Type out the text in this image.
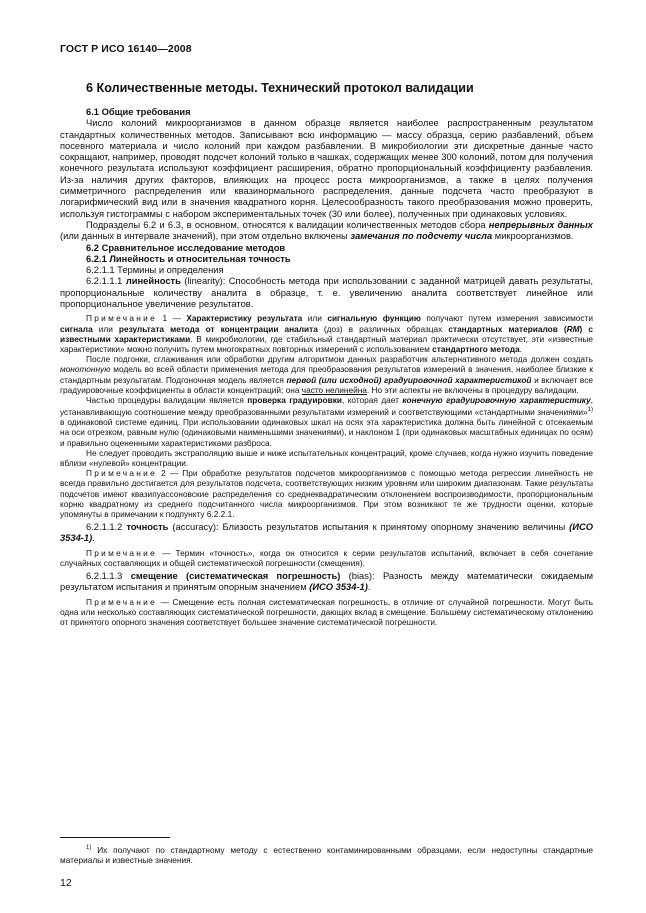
ГОСТ Р ИСО 16140—2008
6 Количественные методы. Технический протокол валидации

6.1 Общие требования

Число колоний микроорганизмов в данном образце является наиболее распространенным результатом стандартных количественных методов. Записывают всю информацию — массу образца, серию разбавлений, объем посевного материала и число колоний при каждом разбавлении. В микробиологии эти дискретные данные часто сокращают, например, проводят подсчет колоний только в чашках, содержащих менее 300 колоний, потом для получения конечного результата используют коэффициент расширения, обратно пропорциональный коэффициенту разбавления. Из-за наличия других факторов, влияющих на процесс роста микроорганизмов, а также в целях получения симметричного распределения или квазинормального распределения, данные подсчета часто преобразуют в логарифмический вид или в значения квадратного корня. Целесообразность такого преобразования можно проверить, используя гистограммы с набором экспериментальных точек (30 или более), полученных при одинаковых условиях.

Подразделы 6.2 и 6.3, в основном, относятся к валидации количественных методов сбора непрерывных данных (или данных в интервале значений), при этом отдельно включены замечания по подсчету числа микроорганизмов.

6.2 Сравнительное исследование методов

6.2.1 Линейность и относительная точность

6.2.1.1 Термины и определения

6.2.1.1.1 линейность (linearity): Способность метода при использовании с заданной матрицей давать результаты, пропорциональные количеству аналита в образце, т. е. увеличению аналита соответствует линейное или пропорциональное увеличение результатов.

Примечание 1 — Характеристику результата или сигнальную функцию получают путем измерения зависимости сигнала или результата метода от концентрации аналита (доз) в различных образцах стандартных материалов (RM) с известными характеристиками. В микробиологии, где стабильный стандартный материал практически отсутствует, эти «известные характеристики» можно получить путем многократных повторных измерений с использованием стандартного метода.

После подгонки, сглаживания или обработки другим алгоритмом данных разработчик альтернативного метода должен создать монотонную модель во всей области применения метода для преобразования результатов измерений в значения, наиболее близкие к стандартным результатам. Подгоночная модель является первой (или исходной) градуировочной характеристикой и включает все градуировочные коэффициенты в области концентраций; она часто нелинейна. Но эти аспекты не включены в процедуру валидации.

Частью процедуры валидации является проверка градуировки, которая дает конечную градуировочную характеристику, устанавливающую соотношение между преобразованными результатами измерений и соответствующими «стандартными значениями»$^{1)}$ в одинаковой системе единиц. При использовании одинаковых шкал на осях эта характеристика должна быть линейной с отсекаемым на оси отрезком, равным нулю (одинаковыми наименьшими значениями), и наклоном 1 (при одинаковых масштабных единицах по осям) и правильно оцененными характеристиками разброса.

Не следует проводить экстраполяцию выше и ниже испытательных концентраций, кроме случаев, когда нужно изучить поведение вблизи «нулевой» концентрации.

Примечание 2 — При обработке результатов подсчетов микроорганизмов с помощью метода регрессии линейность не всегда правильно достигается для результатов подсчета, соответствующих низким уровням или широким диапазонам. Такие результаты подсчетов имеют квазипуассоновские распределения со среднеквадратическим отклонением воспроизводимости, пропорциональным корню квадратному из среднего подсчитанного числа микроорганизмов. При этом возникают те же трудности оценки, которые упомянуты в примечании к подпункту 6.2.2.1.

6.2.1.1.2 точность (accuracy): Близость результатов испытания к принятому опорному значению величины (ИСО 3534-1).

Примечание — Термин «точность», когда он относится к серии результатов испытаний, включает в себя сочетание случайных составляющих и общей систематической погрешности (смещения).

6.2.1.1.3 смещение (систематическая погрешность) (bias): Разность между математически ожидаемым результатом испытания и принятым опорным значением (ИСО 3534-1).

Примечание — Смещение есть полная систематическая погрешность, в отличие от случайной погрешности. Могут быть одна или несколько составляющих систематической погрешности, дающих вклад в смещение. Большему систематическому отклонению от принятого опорного значения соответствует большее значение систематической погрешности.

$^{1)}$ Их получают по стандартному методу с естественно контаминированными образцами, если недоступны стандартные материалы и известные значения.

12
